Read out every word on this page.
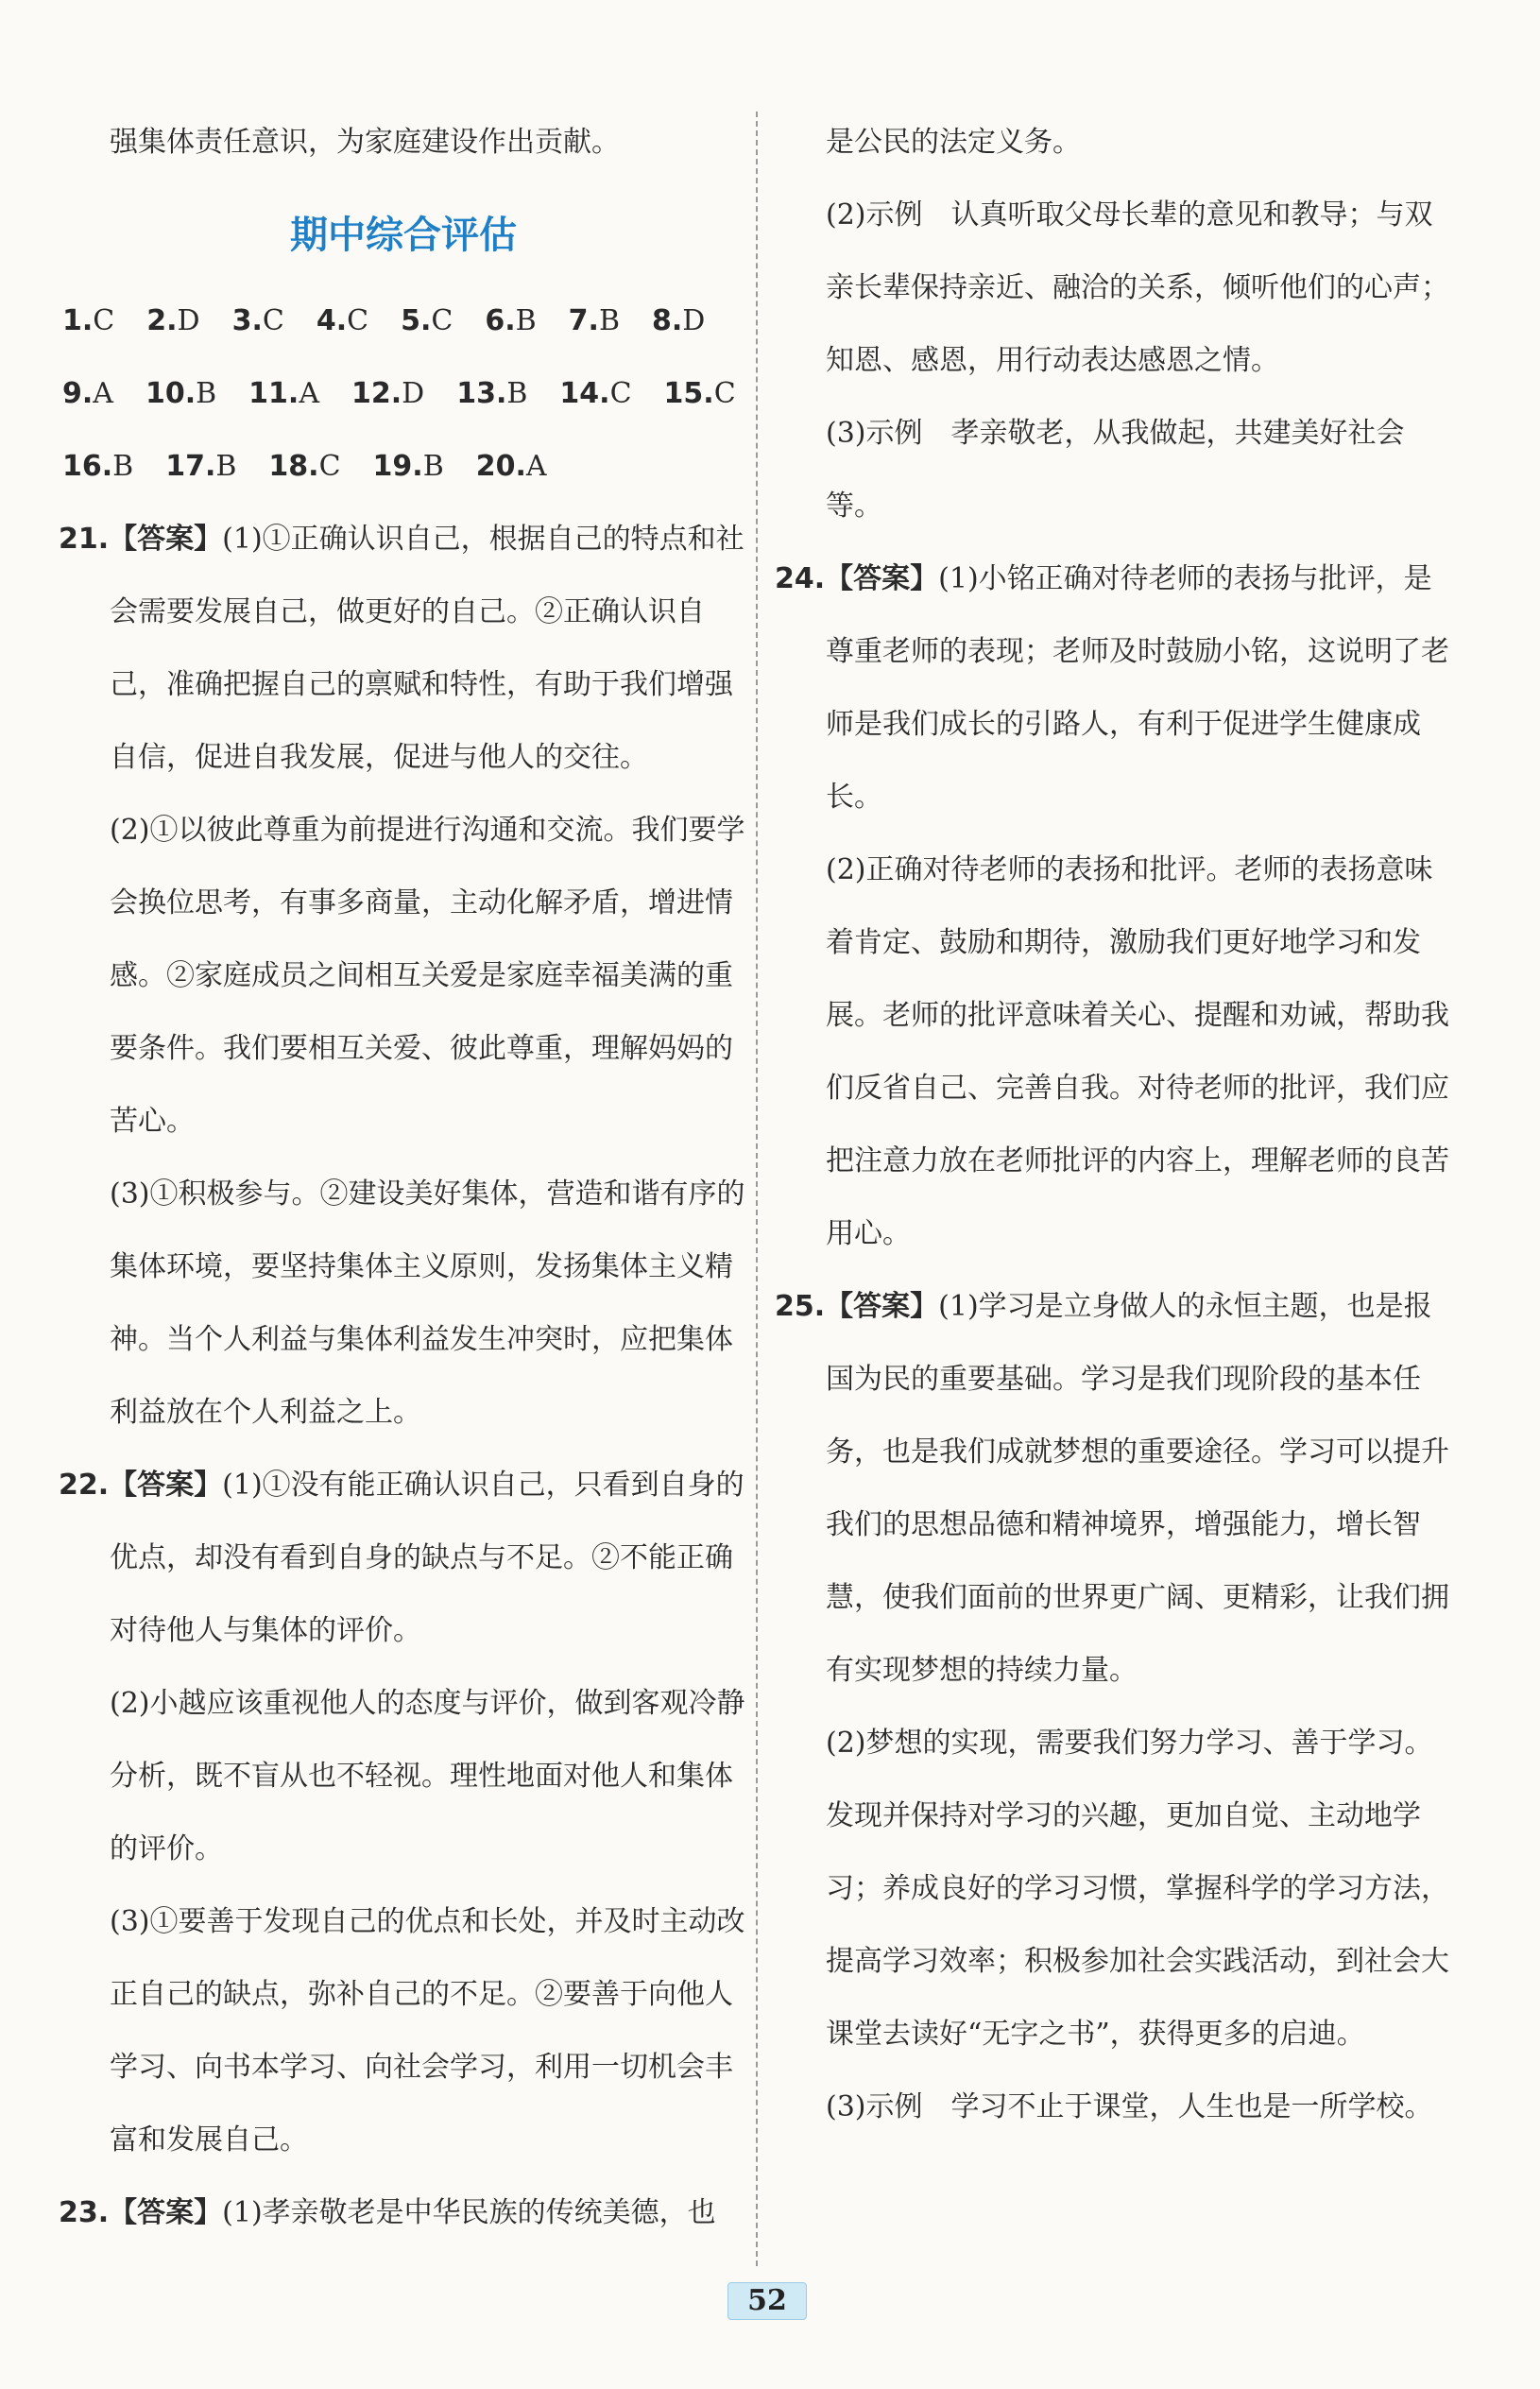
强集体责任意识，为家庭建设作出贡献。

期中综合评估
1.C 2.D 3.C 4.C 5.C 6.B 7.B 8.D
9.A 10.B 11.A 12.D 13.B 14.C 15.C
16.B 17.B 18.C 19.B 20.A

21.【答案】(1)①正确认识自己，根据自己的特点和社会需要发展自己，做更好的自己。②正确认识自己，准确把握自己的禀赋和特性，有助于我们增强自信，促进自我发展，促进与他人的交往。

(2)①以彼此尊重为前提进行沟通和交流。我们要学会换位思考，有事多商量，主动化解矛盾，增进情感。②家庭成员之间相互关爱是家庭幸福美满的重要条件。我们要相互关爱、彼此尊重，理解妈妈的苦心。

(3)①积极参与。②建设美好集体，营造和谐有序的集体环境，要坚持集体主义原则，发扬集体主义精神。当个人利益与集体利益发生冲突时，应把集体利益放在个人利益之上。

22.【答案】(1)①没有能正确认识自己，只看到自身的优点，却没有看到自身的缺点与不足。②不能正确对待他人与集体的评价。

(2)小越应该重视他人的态度与评价，做到客观冷静分析，既不盲从也不轻视。理性地面对他人和集体的评价。

(3)①要善于发现自己的优点和长处，并及时主动改正自己的缺点，弥补自己的不足。②要善于向他人学习、向书本学习、向社会学习，利用一切机会丰富和发展自己。

23.【答案】(1)孝亲敬老是中华民族的传统美德，也

是公民的法定义务。

(2)示例　认真听取父母长辈的意见和教导；与双亲长辈保持亲近、融洽的关系，倾听他们的心声；知恩、感恩，用行动表达感恩之情。

(3)示例　孝亲敬老，从我做起，共建美好社会等。

24.【答案】(1)小铭正确对待老师的表扬与批评，是尊重老师的表现；老师及时鼓励小铭，这说明了老师是我们成长的引路人，有利于促进学生健康成长。

(2)正确对待老师的表扬和批评。老师的表扬意味着肯定、鼓励和期待，激励我们更好地学习和发展。老师的批评意味着关心、提醒和劝诫，帮助我们反省自己、完善自我。对待老师的批评，我们应把注意力放在老师批评的内容上，理解老师的良苦用心。

25.【答案】(1)学习是立身做人的永恒主题，也是报国为民的重要基础。学习是我们现阶段的基本任务，也是我们成就梦想的重要途径。学习可以提升我们的思想品德和精神境界，增强能力，增长智慧，使我们面前的世界更广阔、更精彩，让我们拥有实现梦想的持续力量。

(2)梦想的实现，需要我们努力学习、善于学习。发现并保持对学习的兴趣，更加自觉、主动地学习；养成良好的学习习惯，掌握科学的学习方法，提高学习效率；积极参加社会实践活动，到社会大课堂去读好“无字之书”，获得更多的启迪。

(3)示例　学习不止于课堂，人生也是一所学校。

52
